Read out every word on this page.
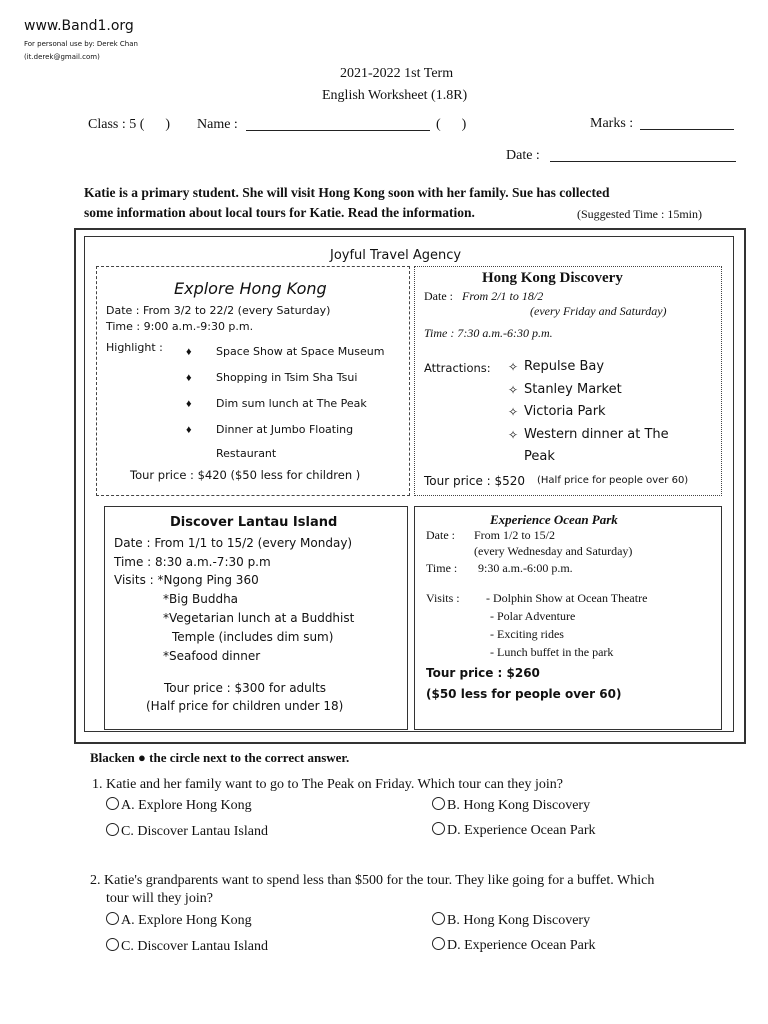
www.Band1.org
For personal use by: Derek Chan
(it.derek@gmail.com)
2021-2022 1st Term
English Worksheet (1.8R)
Class : 5 (      ) Name :	(      )	Marks :
Date :
Katie is a primary student. She will visit Hong Kong soon with her family. Sue has collected
some information about local tours for Katie. Read the information.	(Suggested Time : 15min)
Joyful Travel Agency
Explore Hong Kong
Date : From 3/2 to 22/2 (every Saturday)
Time : 9:00 a.m.-9:30 p.m.
Highlight : ♦ Space Show at Space Museum
♦ Shopping in Tsim Sha Tsui
♦ Dim sum lunch at The Peak
♦ Dinner at Jumbo Floating
Restaurant
Tour price : $420 ($50 less for children )
Hong Kong Discovery
Date : From 2/1 to 18/2
(every Friday and Saturday)
Time : 7:30 a.m.-6:30 p.m.
Attractions: ✧ Repulse Bay
✧ Stanley Market
✧ Victoria Park
✧ Western dinner at The
Peak
Tour price : $520 (Half price for people over 60)
Discover Lantau Island
Date : From 1/1 to 15/2 (every Monday)
Time : 8:30 a.m.-7:30 p.m
Visits : *Ngong Ping 360
*Big Buddha
*Vegetarian lunch at a Buddhist
Temple (includes dim sum)
*Seafood dinner
Tour price : $300 for adults
(Half price for children under 18)
Experience Ocean Park
Date : From 1/2 to 15/2
(every Wednesday and Saturday)
Time : 9:30 a.m.-6:00 p.m.
Visits : - Dolphin Show at Ocean Theatre
- Polar Adventure
- Exciting rides
- Lunch buffet in the park
Tour price : $260
($50 less for people over 60)
Blacken ● the circle next to the correct answer.
1. Katie and her family want to go to The Peak on Friday. Which tour can they join?
A. Explore Hong Kong	B. Hong Kong Discovery
C. Discover Lantau Island	D. Experience Ocean Park
2. Katie's grandparents want to spend less than $500 for the tour. They like going for a buffet. Which
tour will they join?
A. Explore Hong Kong	B. Hong Kong Discovery
C. Discover Lantau Island	D. Experience Ocean Park
